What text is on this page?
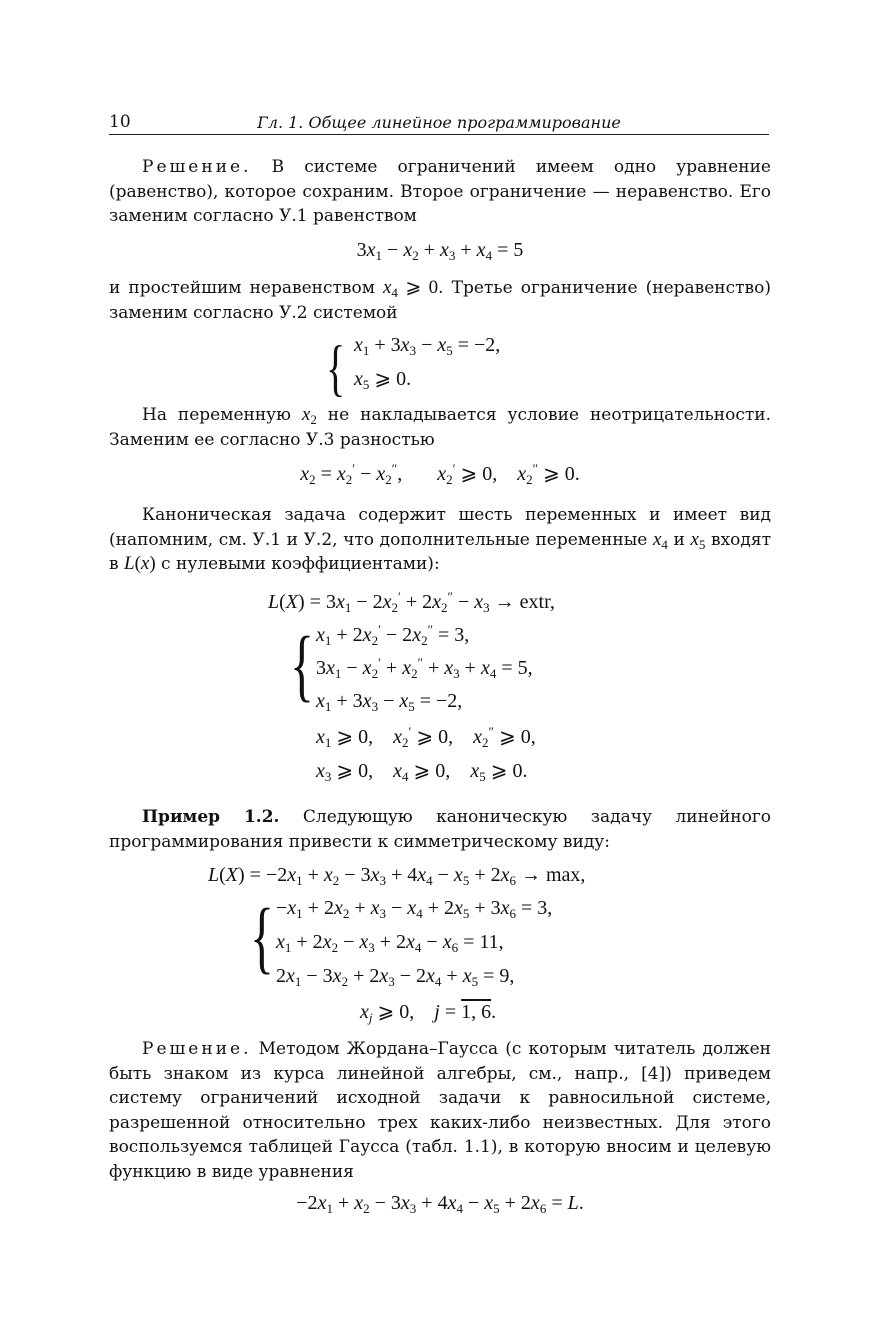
10	Гл. 1. Общее линейное программирование
Решение. В системе ограничений имеем одно уравнение (равенство), которое сохраним. Второе ограничение — неравенство. Его заменим согласно У.1 равенством
$3x_1 - x_2 + x_3 + x_4 = 5$
и простейшим неравенством $x_4$ ⩾ 0. Третье ограничение (неравенство) заменим согласно У.2 системой
{ $x_1 + 3x_3 - x_5 = -2$,
$x_5$ ⩾ 0.
На переменную $x_2$ не накладывается условие неотрицательности. Заменим ее согласно У.3 разностью
$x_2 = x_2' - x_2''$,       $x_2'$ ⩾ 0,    $x_2''$ ⩾ 0.
Каноническая задача содержит шесть переменных и имеет вид (напомним, см. У.1 и У.2, что дополнительные переменные $x_4$ и $x_5$ входят в L(x) с нулевыми коэффициентами):
$L(X) = 3x_1 - 2x_2' + 2x_2'' - x_3$ → extr,
{ $x_1 + 2x_2' - 2x_2'' = 3$,
$3x_1 - x_2' + x_2'' + x_3 + x_4 = 5$,
$x_1 + 3x_3 - x_5 = -2$,
$x_1$ ⩾ 0,    $x_2'$ ⩾ 0,    $x_2''$ ⩾ 0,
$x_3$ ⩾ 0,    $x_4$ ⩾ 0,    $x_5$ ⩾ 0.
Пример 1.2. Следующую каноническую задачу линейного программирования привести к симметрическому виду:
$L(X) = -2x_1 + x_2 - 3x_3 + 4x_4 - x_5 + 2x_6 \to \max$,
{ $-x_1 + 2x_2 + x_3 - x_4 + 2x_5 + 3x_6 = 3$,
$x_1 + 2x_2 - x_3 + 2x_4 - x_6 = 11$,
$2x_1 - 3x_2 + 2x_3 - 2x_4 + x_5 = 9$,
$x_j$ ⩾ 0,    j = 1, 6.
Решение. Методом Жордана–Гаусса (с которым читатель должен быть знаком из курса линейной алгебры, см., напр., [4]) приведем систему ограничений исходной задачи к равносильной системе, разрешенной относительно трех каких-либо неизвестных. Для этого воспользуемся таблицей Гаусса (табл. 1.1), в которую вносим и целевую функцию в виде уравнения
$-2x_1 + x_2 - 3x_3 + 4x_4 - x_5 + 2x_6 = L$.
